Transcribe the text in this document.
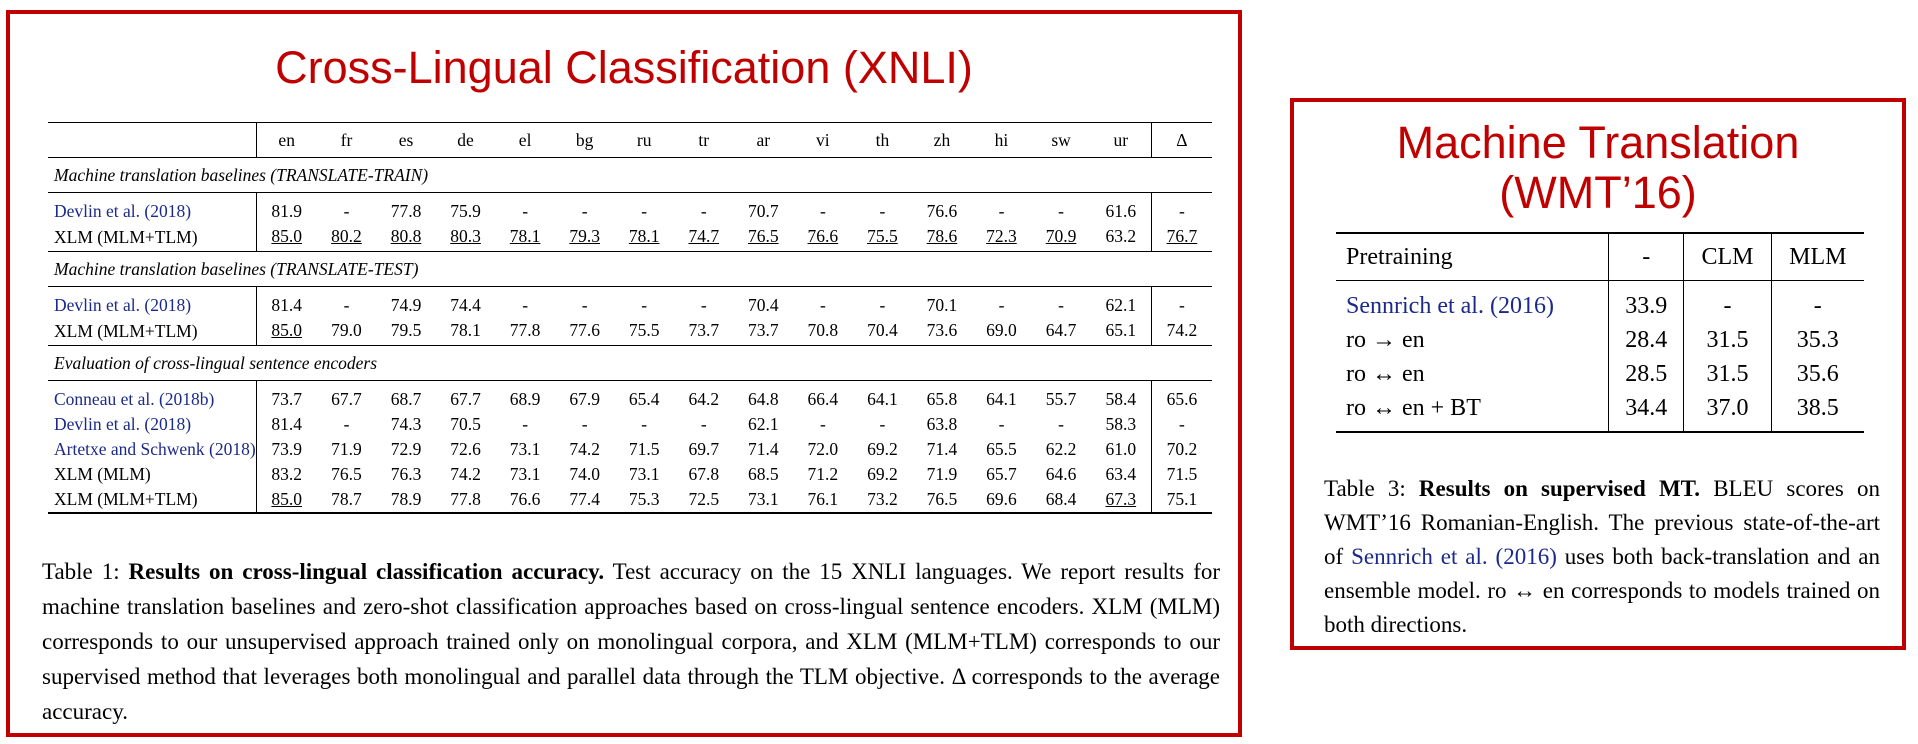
Cross-Lingual Classification (XNLI)
	en	fr	es	de	el	bg	ru	tr	ar	vi	th	zh	hi	sw	ur	Δ
Machine translation baselines (TRANSLATE-TRAIN)																
Devlin et al. (2018)	81.9	-	77.8	75.9	-	-	-	-	70.7	-	-	76.6	-	-	61.6	-
XLM (MLM+TLM)	85.0	80.2	80.8	80.3	78.1	79.3	78.1	74.7	76.5	76.6	75.5	78.6	72.3	70.9	63.2	76.7
Machine translation baselines (TRANSLATE-TEST)																
Devlin et al. (2018)	81.4	-	74.9	74.4	-	-	-	-	70.4	-	-	70.1	-	-	62.1	-
XLM (MLM+TLM)	85.0	79.0	79.5	78.1	77.8	77.6	75.5	73.7	73.7	70.8	70.4	73.6	69.0	64.7	65.1	74.2
Evaluation of cross-lingual sentence encoders																
Conneau et al. (2018b)	73.7	67.7	68.7	67.7	68.9	67.9	65.4	64.2	64.8	66.4	64.1	65.8	64.1	55.7	58.4	65.6
Devlin et al. (2018)	81.4	-	74.3	70.5	-	-	-	-	62.1	-	-	63.8	-	-	58.3	-
Artetxe and Schwenk (2018)	73.9	71.9	72.9	72.6	73.1	74.2	71.5	69.7	71.4	72.0	69.2	71.4	65.5	62.2	61.0	70.2
XLM (MLM)	83.2	76.5	76.3	74.2	73.1	74.0	73.1	67.8	68.5	71.2	69.2	71.9	65.7	64.6	63.4	71.5
XLM (MLM+TLM)	85.0	78.7	78.9	77.8	76.6	77.4	75.3	72.5	73.1	76.1	73.2	76.5	69.6	68.4	67.3	75.1

Table 1: Results on cross-lingual classification accuracy. Test accuracy on the 15 XNLI languages. We report results for machine translation baselines and zero-shot classification approaches based on cross-lingual sentence encoders. XLM (MLM) corresponds to our unsupervised approach trained only on monolingual corpora, and XLM (MLM+TLM) corresponds to our supervised method that leverages both monolingual and parallel data through the TLM objective. Δ corresponds to the average accuracy.

Machine Translation (WMT’16)
Pretraining	-	CLM	MLM
Sennrich et al. (2016)	33.9	-	-
ro → en	28.4	31.5	35.3
ro ↔ en	28.5	31.5	35.6
ro ↔ en + BT	34.4	37.0	38.5

Table 3: Results on supervised MT. BLEU scores on WMT’16 Romanian-English. The previous state-of-the-art of Sennrich et al. (2016) uses both back-translation and an ensemble model. ro ↔ en corresponds to models trained on both directions.
